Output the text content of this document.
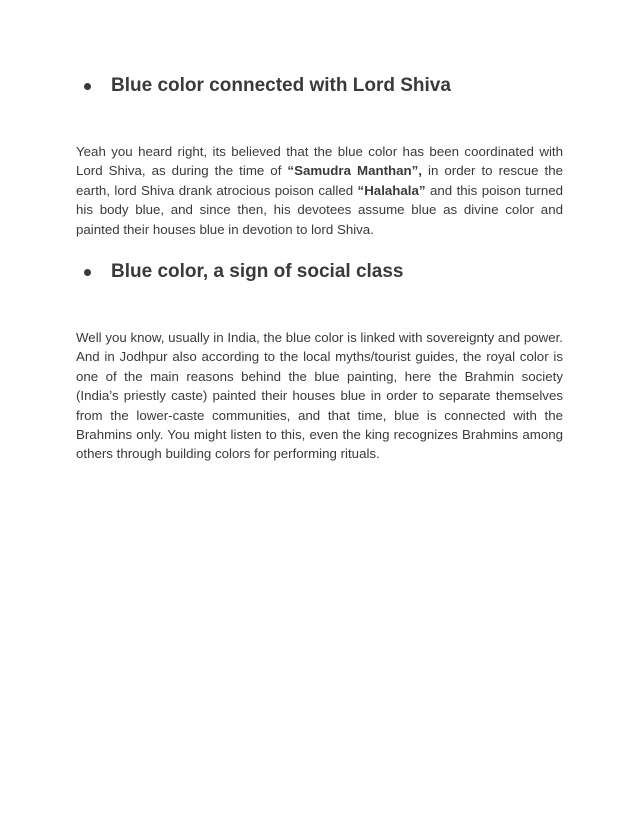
Blue color connected with Lord Shiva

Yeah you heard right, its believed that the blue color has been coordinated with Lord Shiva, as during the time of “Samudra Manthan”, in order to rescue the earth, lord Shiva drank atrocious poison called “Halahala” and this poison turned his body blue, and since then, his devotees assume blue as divine color and painted their houses blue in devotion to lord Shiva.

Blue color, a sign of social class

Well you know, usually in India, the blue color is linked with sovereignty and power. And in Jodhpur also according to the local myths/tourist guides, the royal color is one of the main reasons behind the blue painting, here the Brahmin society (India’s priestly caste) painted their houses blue in order to separate themselves from the lower-caste communities, and that time, blue is connected with the Brahmins only. You might listen to this, even the king recognizes Brahmins among others through building colors for performing rituals.
